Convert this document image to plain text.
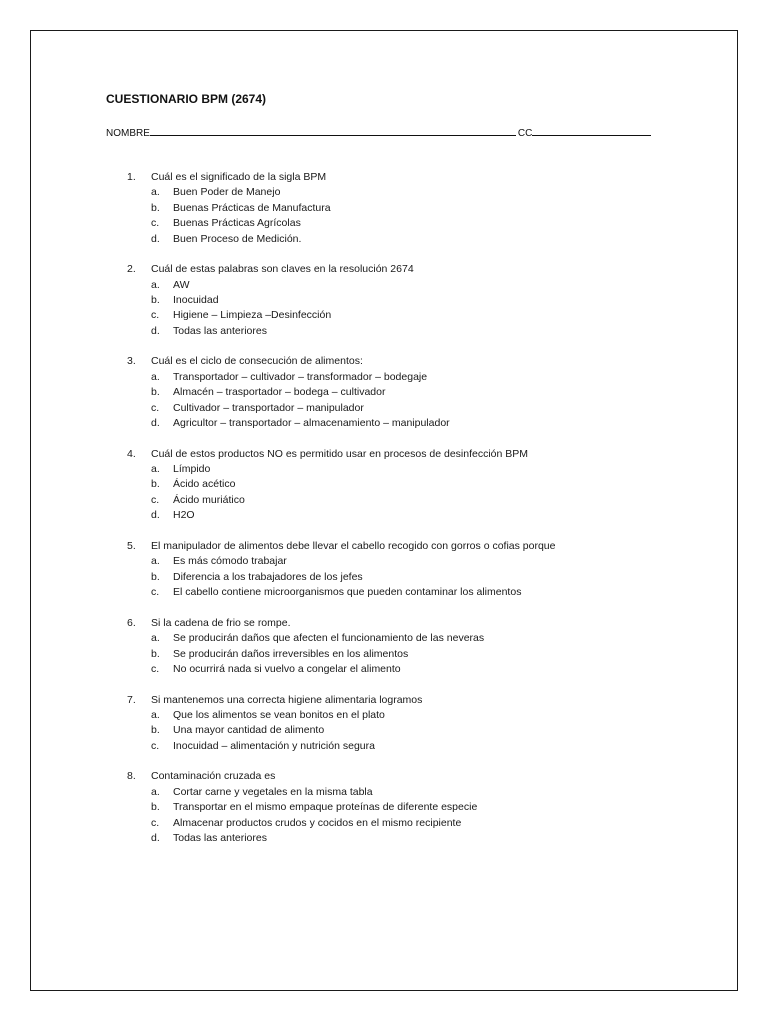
CUESTIONARIO BPM (2674)
NOMBRE	CC
1.	Cuál es el significado de la sigla BPM
a.	Buen Poder de Manejo
b.	Buenas Prácticas de Manufactura
c.	Buenas Prácticas Agrícolas
d.	Buen Proceso de Medición.
2.	Cuál de estas palabras son claves en la resolución 2674
a.	AW
b.	Inocuidad
c.	Higiene – Limpieza –Desinfección
d.	Todas las anteriores
3.	Cuál es el ciclo de consecución de alimentos:
a.	Transportador – cultivador – transformador – bodegaje
b.	Almacén – trasportador – bodega – cultivador
c.	Cultivador – transportador – manipulador
d.	Agricultor – transportador – almacenamiento – manipulador
4.	Cuál de estos productos NO es permitido usar en procesos de desinfección BPM
a.	Límpido
b.	Ácido acético
c.	Ácido muriático
d.	H2O
5.	El manipulador de alimentos debe llevar el cabello recogido con gorros o cofias porque
a.	Es más cómodo trabajar
b.	Diferencia a los trabajadores de los jefes
c.	El cabello contiene microorganismos que pueden contaminar los alimentos
6.	Si la cadena de frio se rompe.
a.	Se producirán daños que afecten el funcionamiento de las neveras
b.	Se producirán daños irreversibles en los alimentos
c.	No ocurrirá nada si vuelvo a congelar el alimento
7.	Si mantenemos una correcta higiene alimentaria logramos
a.	Que los alimentos se vean bonitos en el plato
b.	Una mayor cantidad de alimento
c.	Inocuidad – alimentación y nutrición segura
8.	Contaminación cruzada es
a.	Cortar carne y vegetales en la misma tabla
b.	Transportar en el mismo empaque proteínas de diferente especie
c.	Almacenar productos crudos y cocidos en el mismo recipiente
d.	Todas las anteriores
